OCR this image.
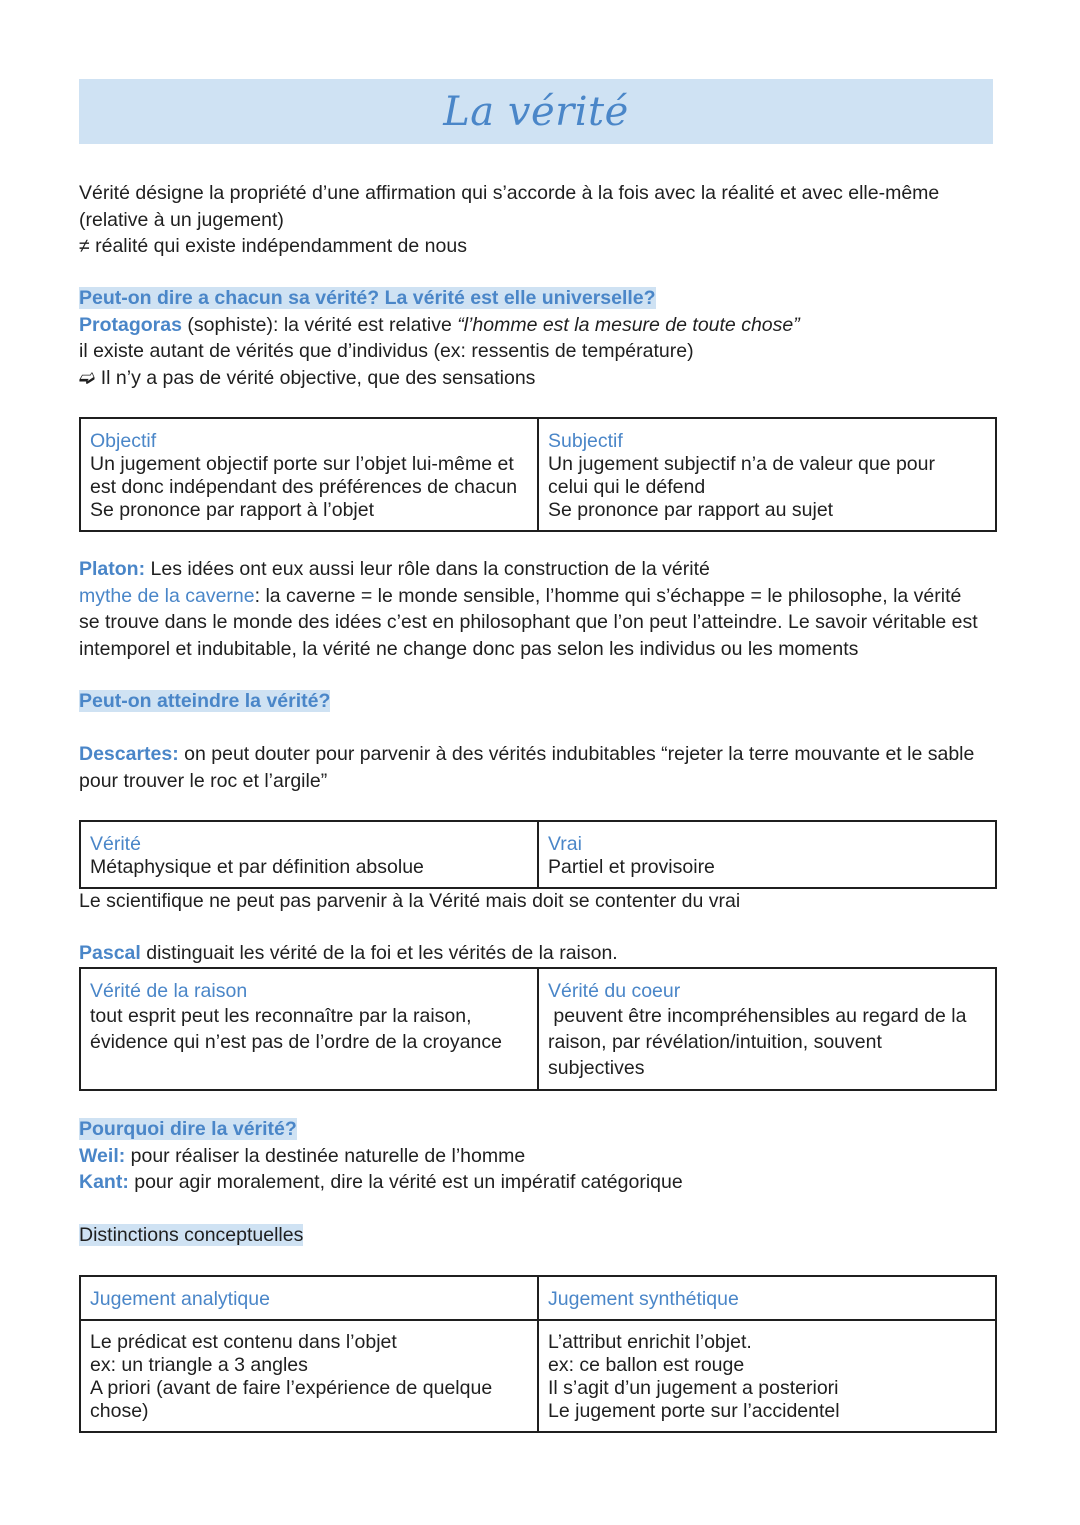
La vérité
Vérité désigne la propriété d’une affirmation qui s’accorde à la fois avec la réalité et avec elle-même
(relative à un jugement)
≠ réalité qui existe indépendamment de nous
Peut-on dire a chacun sa vérité? La vérité est elle universelle?
Protagoras (sophiste): la vérité est relative “l’homme est la mesure de toute chose”
il existe autant de vérités que d’individus (ex: ressentis de température)
➫ Il n’y a pas de vérité objective, que des sensations
Objectif
Un jugement objectif porte sur l’objet lui-même et
est donc indépendant des préférences de chacun
Se prononce par rapport à l’objet

Subjectif
Un jugement subjectif n’a de valeur que pour
celui qui le défend
Se prononce par rapport au sujet
Platon: Les idées ont eux aussi leur rôle dans la construction de la vérité
mythe de la caverne: la caverne = le monde sensible, l’homme qui s’échappe = le philosophe, la vérité
se trouve dans le monde des idées c’est en philosophant que l’on peut l’atteindre. Le savoir véritable est
intemporel et indubitable, la vérité ne change donc pas selon les individus ou les moments
Peut-on atteindre la vérité?
Descartes: on peut douter pour parvenir à des vérités indubitables “rejeter la terre mouvante et le sable
pour trouver le roc et l’argile”
Vérité
Métaphysique et par définition absolue

Vrai
Partiel et provisoire
Le scientifique ne peut pas parvenir à la Vérité mais doit se contenter du vrai
Pascal distinguait les vérité de la foi et les vérités de la raison.
Vérité de la raison
tout esprit peut les reconnaître par la raison,
évidence qui n’est pas de l’ordre de la croyance

Vérité du coeur
peuvent être incompréhensibles au regard de la
raison, par révélation/intuition, souvent
subjectives
Pourquoi dire la vérité?
Weil: pour réaliser la destinée naturelle de l’homme
Kant: pour agir moralement, dire la vérité est un impératif catégorique
Distinctions conceptuelles
Jugement analytique	Jugement synthétique

Le prédicat est contenu dans l’objet
ex: un triangle a 3 angles
A priori (avant de faire l’expérience de quelque
chose)	L’attribut enrichit l’objet.
ex: ce ballon est rouge
Il s’agit d’un jugement a posteriori
Le jugement porte sur l’accidentel
